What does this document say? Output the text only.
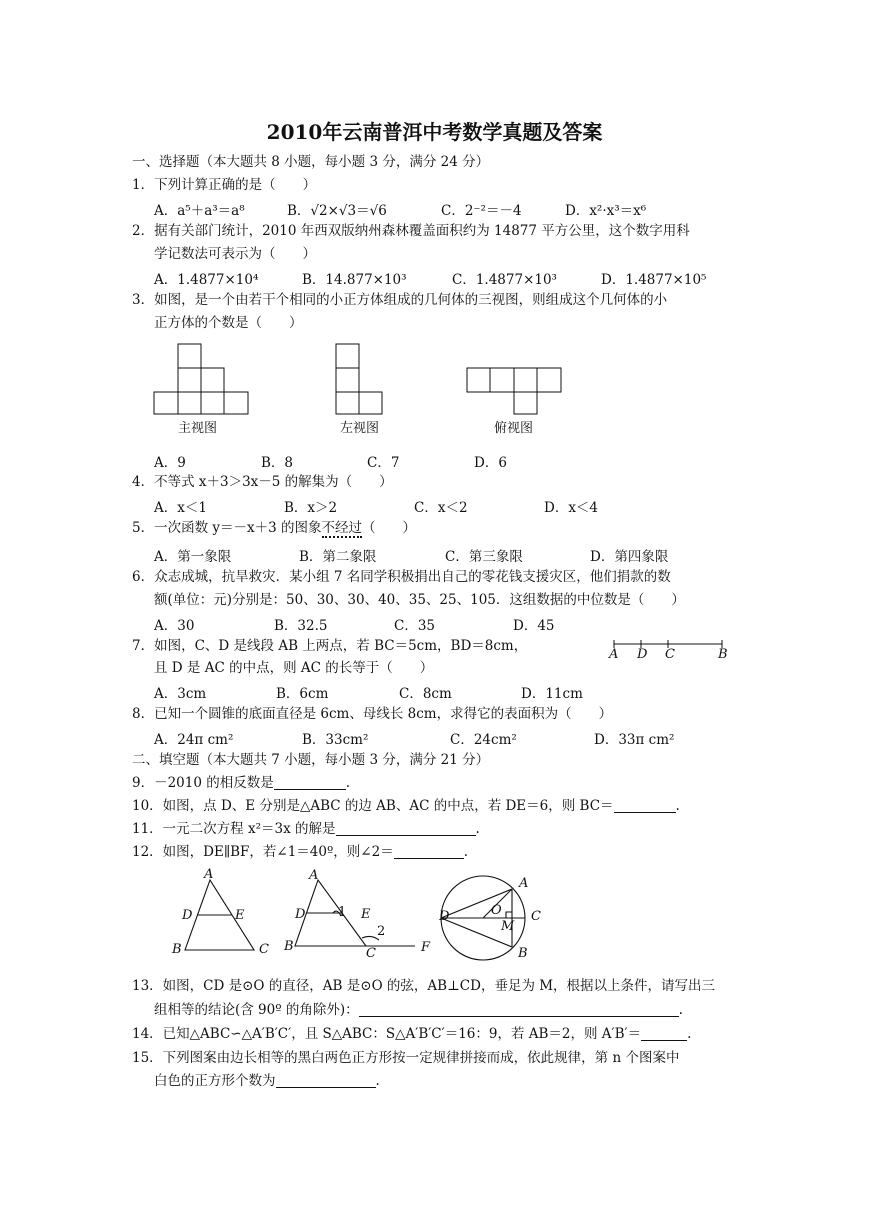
2010年云南普洱中考数学真题及答案
一、选择题（本大题共 8 小题，每小题 3 分，满分 24 分）
1．下列计算正确的是（　　）
A．a⁵＋a³＝a⁸	B．√2×√3＝√6	C．2⁻²＝－4	D．x²·x³＝x⁶
2．据有关部门统计，2010 年西双版纳州森林覆盖面积约为 14877 平方公里，这个数字用科
学记数法可表示为（　　）
A．1.4877×10⁴	B．14.877×10³	C．1.4877×10³	D．1.4877×10⁵
3．如图，是一个由若干个相同的小正方体组成的几何体的三视图，则组成这个几何体的小
正方体的个数是（　　）
主视图	左视图	俯视图
A．9	B．8	C．7	D．6
4．不等式 x＋3＞3x－5 的解集为（　　）
A．x＜1	B．x＞2	C．x＜2	D．x＜4
5．一次函数 y＝－x＋3 的图象不经过（　　）
A．第一象限	B．第二象限	C．第三象限	D．第四象限
6．众志成城，抗旱救灾．某小组 7 名同学积极捐出自己的零花钱支援灾区，他们捐款的数
额(单位：元)分别是：50、30、30、40、35、25、105．这组数据的中位数是（　　）
A．30	B．32.5	C．35	D．45
7．如图，C、D 是线段 AB 上两点，若 BC＝5cm，BD＝8cm，
且 D 是 AC 的中点，则 AC 的长等于（　　）
A D C	B
A．3cm	B．6cm	C．8cm	D．11cm
8．已知一个圆锥的底面直径是 6cm、母线长 8cm，求得它的表面积为（　　）
A．24π cm²	B．33cm²	C．24cm²	D．33π cm²
二、填空题（本大题共 7 小题，每小题 3 分，满分 21 分）
9．－2010 的相反数是	.
10．如图，点 D、E 分别是△ABC 的边 AB、AC 的中点，若 DE＝6，则 BC＝	.
11．一元二次方程 x²＝3x 的解是	.
12．如图，DE∥BF，若∠1＝40º，则∠2＝	.
A
D	E
B	C
A
D	1 E
2
B	C	F
A
D	O
M
C
B
13．如图，CD 是⊙O 的直径，AB 是⊙O 的弦，AB⊥CD，垂足为 M，根据以上条件，请写出三
组相等的结论(含 90º 的角除外)：	.
14．已知△ABC∽△A′B′C′，且 S△ABC：S△A′B′C′＝16：9，若 AB＝2，则 A′B′＝	.
15．下列图案由边长相等的黑白两色正方形按一定规律拼接而成，依此规律，第 n 个图案中
白色的正方形个数为	.
